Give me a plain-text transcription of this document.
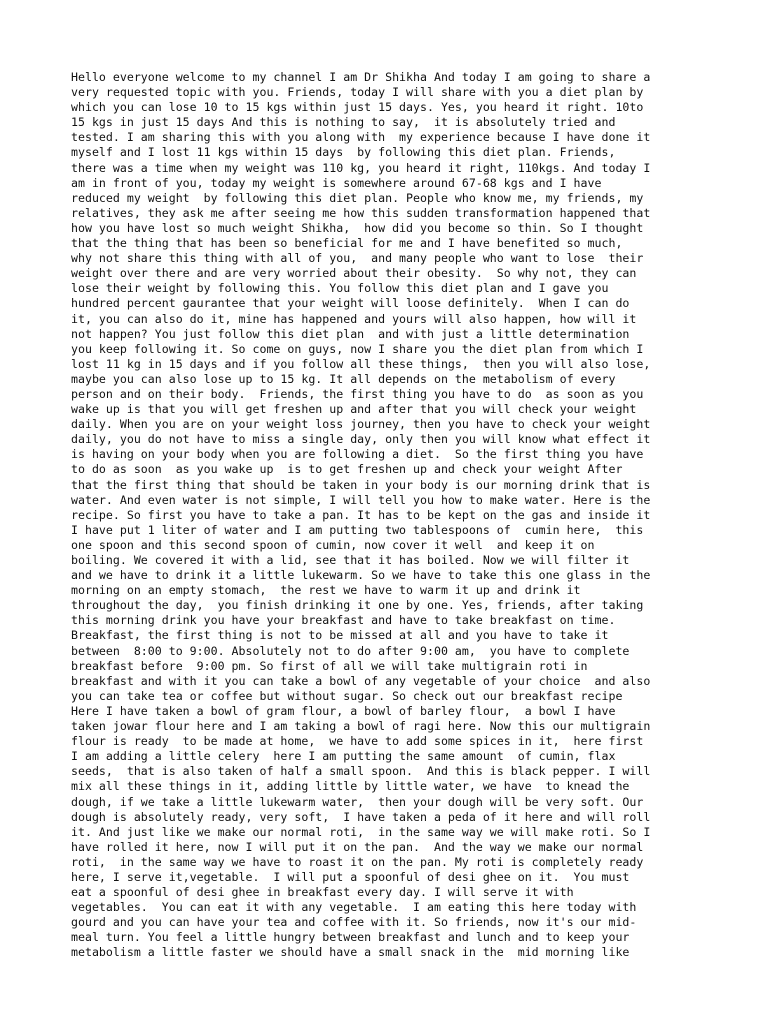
Hello everyone welcome to my channel I am Dr Shikha And today I am going to share a
very requested topic with you. Friends, today I will share with you a diet plan by
which you can lose 10 to 15 kgs within just 15 days. Yes, you heard it right. 10to
15 kgs in just 15 days And this is nothing to say,  it is absolutely tried and
tested. I am sharing this with you along with  my experience because I have done it
myself and I lost 11 kgs within 15 days  by following this diet plan. Friends,
there was a time when my weight was 110 kg, you heard it right, 110kgs. And today I
am in front of you, today my weight is somewhere around 67-68 kgs and I have
reduced my weight  by following this diet plan. People who know me, my friends, my
relatives, they ask me after seeing me how this sudden transformation happened that
how you have lost so much weight Shikha,  how did you become so thin. So I thought
that the thing that has been so beneficial for me and I have benefited so much,
why not share this thing with all of you,  and many people who want to lose  their
weight over there and are very worried about their obesity.  So why not, they can
lose their weight by following this. You follow this diet plan and I gave you
hundred percent gaurantee that your weight will loose definitely.  When I can do
it, you can also do it, mine has happened and yours will also happen, how will it
not happen? You just follow this diet plan  and with just a little determination
you keep following it. So come on guys, now I share you the diet plan from which I
lost 11 kg in 15 days and if you follow all these things,  then you will also lose,
maybe you can also lose up to 15 kg. It all depends on the metabolism of every
person and on their body.  Friends, the first thing you have to do  as soon as you
wake up is that you will get freshen up and after that you will check your weight
daily. When you are on your weight loss journey, then you have to check your weight
daily, you do not have to miss a single day, only then you will know what effect it
is having on your body when you are following a diet.  So the first thing you have
to do as soon  as you wake up  is to get freshen up and check your weight After
that the first thing that should be taken in your body is our morning drink that is
water. And even water is not simple, I will tell you how to make water. Here is the
recipe. So first you have to take a pan. It has to be kept on the gas and inside it
I have put 1 liter of water and I am putting two tablespoons of  cumin here,  this
one spoon and this second spoon of cumin, now cover it well  and keep it on
boiling. We covered it with a lid, see that it has boiled. Now we will filter it
and we have to drink it a little lukewarm. So we have to take this one glass in the
morning on an empty stomach,  the rest we have to warm it up and drink it
throughout the day,  you finish drinking it one by one. Yes, friends, after taking
this morning drink you have your breakfast and have to take breakfast on time.
Breakfast, the first thing is not to be missed at all and you have to take it
between  8:00 to 9:00. Absolutely not to do after 9:00 am,  you have to complete
breakfast before  9:00 pm. So first of all we will take multigrain roti in
breakfast and with it you can take a bowl of any vegetable of your choice  and also
you can take tea or coffee but without sugar. So check out our breakfast recipe
Here I have taken a bowl of gram flour, a bowl of barley flour,  a bowl I have
taken jowar flour here and I am taking a bowl of ragi here. Now this our multigrain
flour is ready  to be made at home,  we have to add some spices in it,  here first
I am adding a little celery  here I am putting the same amount  of cumin, flax
seeds,  that is also taken of half a small spoon.  And this is black pepper. I will
mix all these things in it, adding little by little water, we have  to knead the
dough, if we take a little lukewarm water,  then your dough will be very soft. Our
dough is absolutely ready, very soft,  I have taken a peda of it here and will roll
it. And just like we make our normal roti,  in the same way we will make roti. So I
have rolled it here, now I will put it on the pan.  And the way we make our normal
roti,  in the same way we have to roast it on the pan. My roti is completely ready
here, I serve it,vegetable.  I will put a spoonful of desi ghee on it.  You must
eat a spoonful of desi ghee in breakfast every day. I will serve it with
vegetables.  You can eat it with any vegetable.  I am eating this here today with
gourd and you can have your tea and coffee with it. So friends, now it's our mid-
meal turn. You feel a little hungry between breakfast and lunch and to keep your
metabolism a little faster we should have a small snack in the  mid morning like
